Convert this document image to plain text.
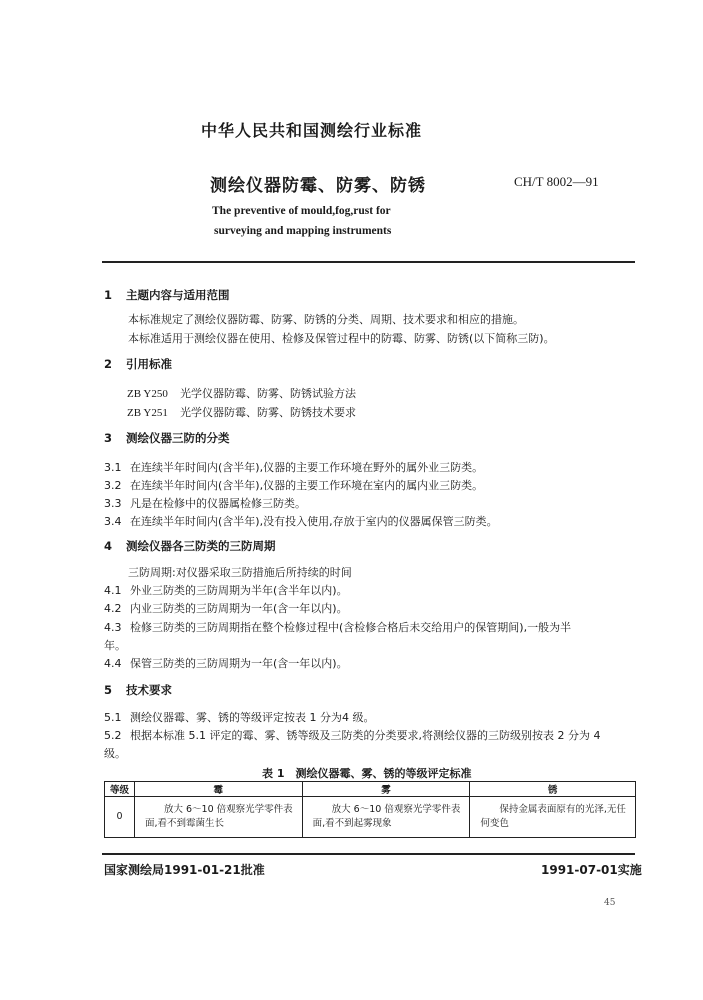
中华人民共和国测绘行业标准
测绘仪器防霉、防雾、防锈	CH/T 8002—91
The preventive of mould,fog,rust for
surveying and mapping instruments
1 主题内容与适用范围
本标准规定了测绘仪器防霉、防雾、防锈的分类、周期、技术要求和相应的措施。
本标准适用于测绘仪器在使用、检修及保管过程中的防霉、防雾、防锈(以下简称三防)。
2 引用标准
ZB Y250 光学仪器防霉、防雾、防锈试验方法
ZB Y251 光学仪器防霉、防雾、防锈技术要求
3 测绘仪器三防的分类
3.1 在连续半年时间内(含半年),仪器的主要工作环境在野外的属外业三防类。
3.2 在连续半年时间内(含半年),仪器的主要工作环境在室内的属内业三防类。
3.3 凡是在检修中的仪器属检修三防类。
3.4 在连续半年时间内(含半年),没有投入使用,存放于室内的仪器属保管三防类。
4 测绘仪器各三防类的三防周期
三防周期:对仪器采取三防措施后所持续的时间
4.1 外业三防类的三防周期为半年(含半年以内)。
4.2 内业三防类的三防周期为一年(含一年以内)。
4.3 检修三防类的三防周期指在整个检修过程中(含检修合格后未交给用户的保管期间),一般为半
年。
4.4 保管三防类的三防周期为一年(含一年以内)。
5 技术要求
5.1 测绘仪器霉、雾、锈的等级评定按表 1 分为4 级。
5.2 根据本标准 5.1 评定的霉、雾、锈等级及三防类的分类要求,将测绘仪器的三防级别按表 2 分为 4
级。
表 1　测绘仪器霉、雾、锈的等级评定标准
等级	霉	雾	锈
0	放大 6～10 倍观察光学零件表面,看不到霉菌生长	放大 6～10 倍观察光学零件表面,看不到起雾现象	保持金属表面原有的光泽,无任何变色
国家测绘局1991-01-21批准	1991-07-01实施
45
